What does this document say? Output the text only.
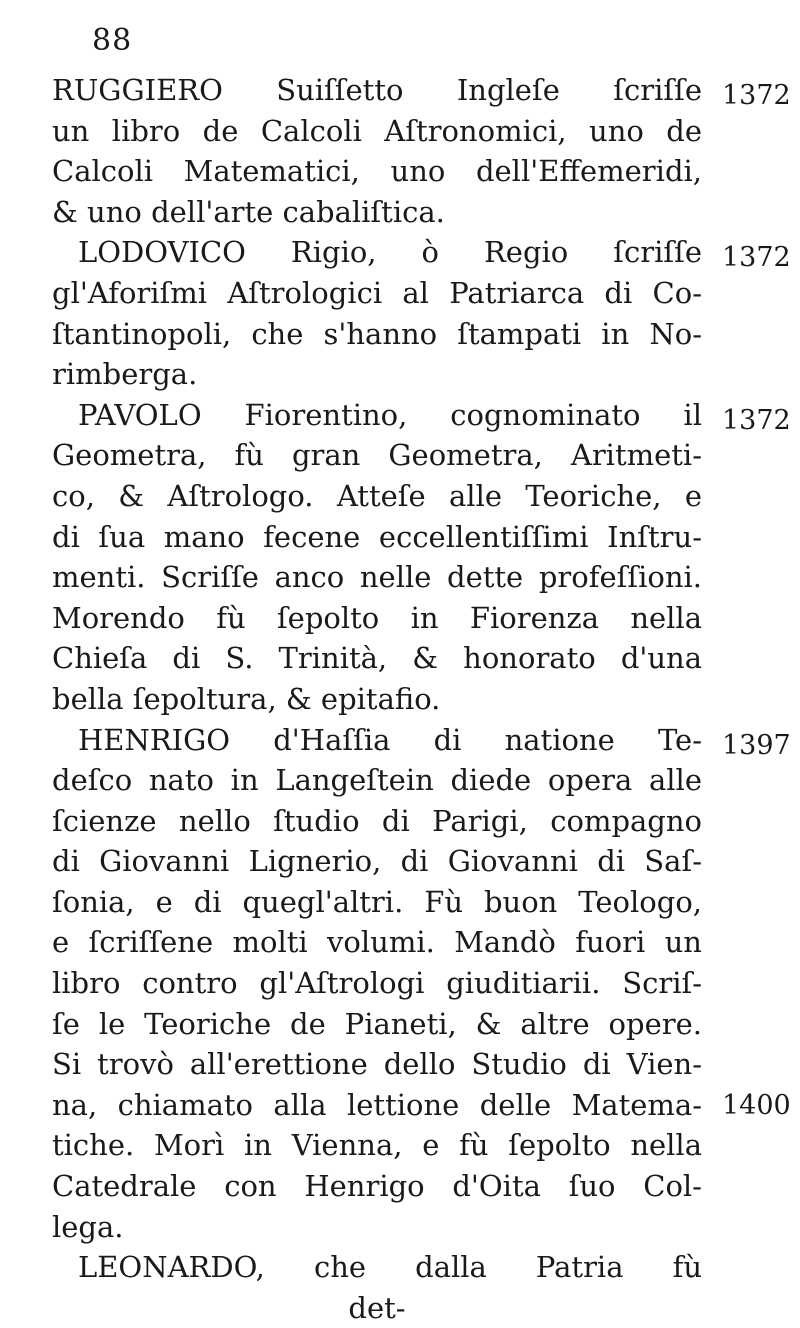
88
RUGGIERO Suiſſetto Ingleſe ſcriſſe
un libro de Calcoli Aſtronomici, uno de
Calcoli Matematici, uno dell'Effemeridi,
& uno dell'arte cabaliſtica.
LODOVICO Rigio, ò Regio ſcriſſe
gl'Aforiſmi Aſtrologici al Patriarca di Co-
ſtantinopoli, che s'hanno ſtampati in No-
rimberga.
PAVOLO Fiorentino, cognominato il
Geometra, fù gran Geometra, Aritmeti-
co, & Aſtrologo. Atteſe alle Teoriche, e
di ſua mano fecene eccellentiſſimi Inſtru-
menti. Scriſſe anco nelle dette profeſſioni.
Morendo fù ſepolto in Fiorenza nella
Chieſa di S. Trinità, & honorato d'una
bella ſepoltura, & epitafio.
HENRIGO d'Haſſia di natione Te-
deſco nato in Langeſtein diede opera alle
ſcienze nello ſtudio di Parigi, compagno
di Giovanni Lignerio, di Giovanni di Saſ-
ſonia, e di quegl'altri. Fù buon Teologo,
e ſcriſſene molti volumi. Mandò fuori un
libro contro gl'Aſtrologi giuditiarii. Scriſ-
ſe le Teoriche de Pianeti, & altre opere.
Si trovò all'erettione dello Studio di Vien-
na, chiamato alla lettione delle Matema-
tiche. Morì in Vienna, e fù ſepolto nella
Catedrale con Henrigo d'Oita ſuo Col-
lega.
LEONARDO, che dalla Patria fù
det-
1372
1372
1372
1397
1400
